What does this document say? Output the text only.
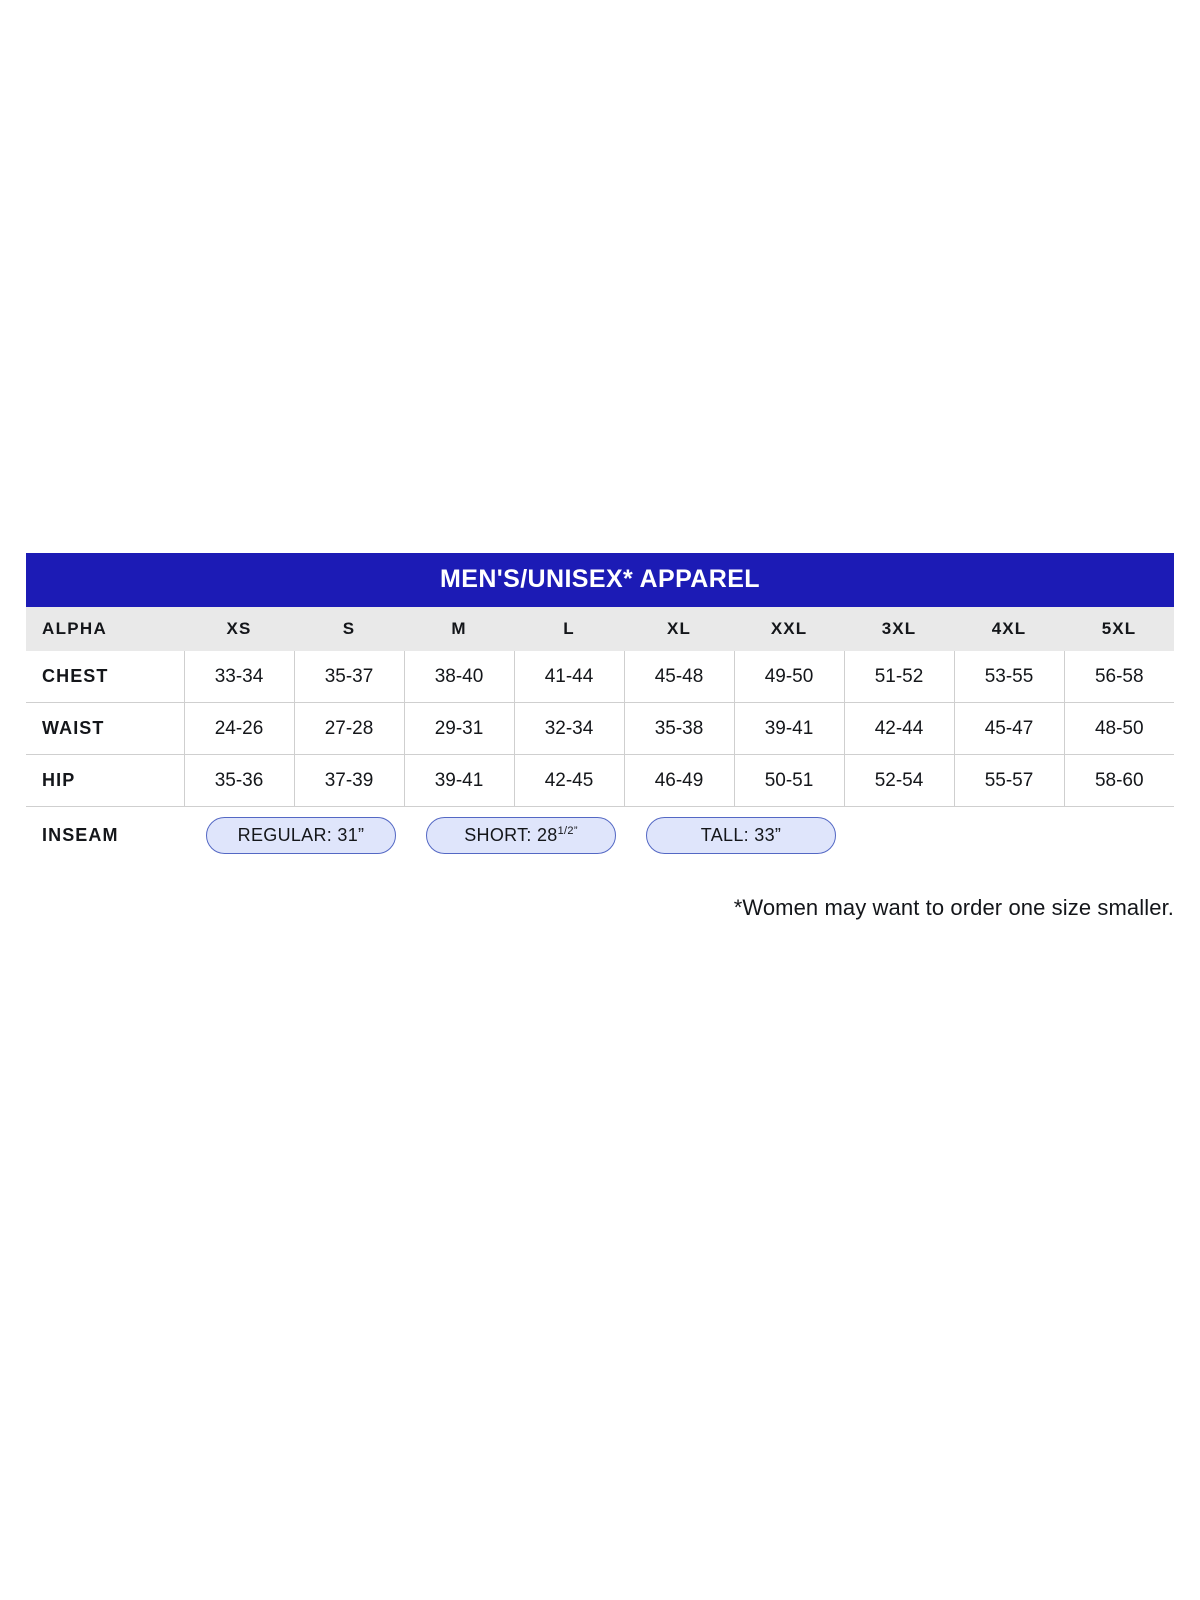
MEN'S/UNISEX* APPAREL
ALPHA	XS	S	M	L	XL	XXL	3XL	4XL	5XL
CHEST	33-34	35-37	38-40	41-44	45-48	49-50	51-52	53-55	56-58
WAIST	24-26	27-28	29-31	32-34	35-38	39-41	42-44	45-47	48-50
HIP	35-36	37-39	39-41	42-45	46-49	50-51	52-54	55-57	58-60
INSEAM	REGULAR: 31”		SHORT: $28^{1/2”}$		TALL: 33”				
*Women may want to order one size smaller.
